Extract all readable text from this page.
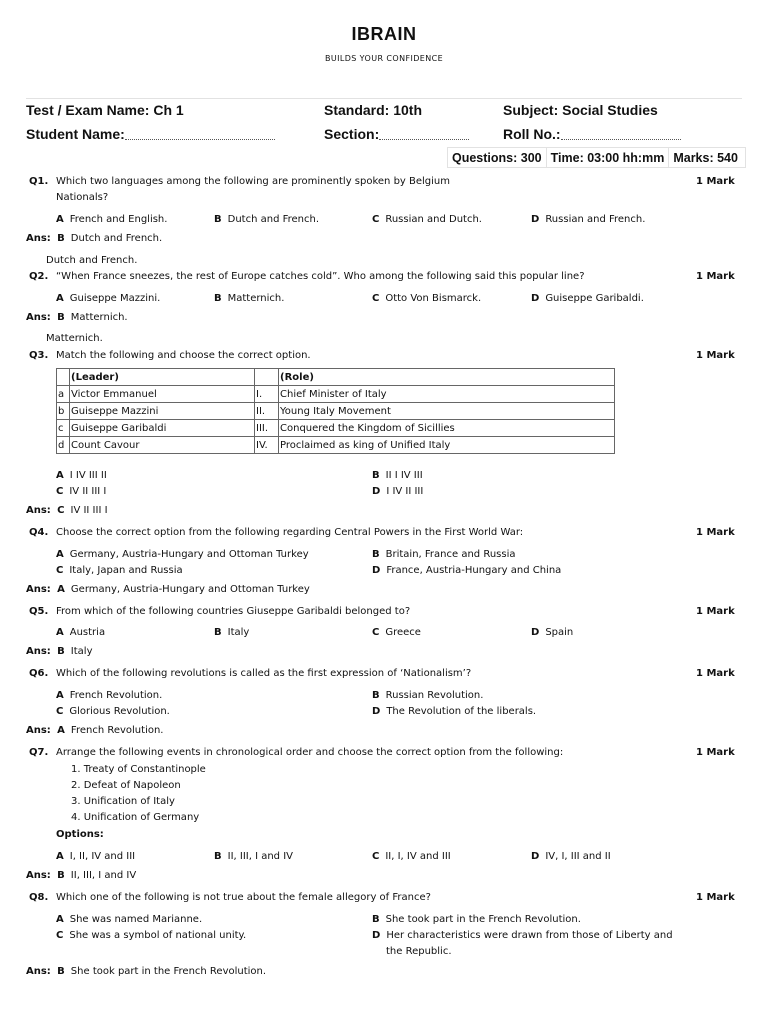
IBRAIN
BUILDS YOUR CONFIDENCE
Test / Exam Name: Ch 1	Standard: 10th	Subject: Social Studies
Student Name:	Section:	Roll No.:
Questions: 300 Time: 03:00 hh:mm Marks: 540
Q1. Which two languages among the following are prominently spoken by Belgium
Nationals?
1 Mark
A French and English.	B Dutch and French.	C Russian and Dutch.	D Russian and French.
Ans: B Dutch and French.
Dutch and French.
Q2. “When France sneezes, the rest of Europe catches cold”. Who among the following said this popular line?	1 Mark
A Guiseppe Mazzini.	B Matternich.	C Otto Von Bismarck.	D Guiseppe Garibaldi.
Ans: B Matternich.
Matternich.
Q3. Match the following and choose the correct option.	1 Mark
	(Leader)		(Role)
a	Victor Emmanuel	I.	Chief Minister of Italy
b	Guiseppe Mazzini	II.	Young Italy Movement
c	Guiseppe Garibaldi	III.	Conquered the Kingdom of Sicillies
d	Count Cavour	IV.	Proclaimed as king of Unified Italy
A I IV III II	B II I IV III
C IV II III I	D I IV II III
Ans: C IV II III I
Q4. Choose the correct option from the following regarding Central Powers in the First World War:	1 Mark
A Germany, Austria-Hungary and Ottoman Turkey	B Britain, France and Russia
C Italy, Japan and Russia	D France, Austria-Hungary and China
Ans: A Germany, Austria-Hungary and Ottoman Turkey
Q5. From which of the following countries Giuseppe Garibaldi belonged to?	1 Mark
A Austria	B Italy	C Greece	D Spain
Ans: B Italy
Q6. Which of the following revolutions is called as the first expression of ‘Nationalism’?	1 Mark
A French Revolution.	B Russian Revolution.
C Glorious Revolution.	D The Revolution of the liberals.
Ans: A French Revolution.
Q7. Arrange the following events in chronological order and choose the correct option from the following:	1 Mark
1. Treaty of Constantinople
2. Defeat of Napoleon
3. Unification of Italy
4. Unification of Germany
Options:
A I, II, IV and III	B II, III, I and IV	C II, I, IV and III	D IV, I, III and II
Ans: B II, III, I and IV
Q8. Which one of the following is not true about the female allegory of France?	1 Mark
A She was named Marianne.	B She took part in the French Revolution.
C She was a symbol of national unity.	D Her characteristics were drawn from those of Liberty and
the Republic.
Ans: B She took part in the French Revolution.
